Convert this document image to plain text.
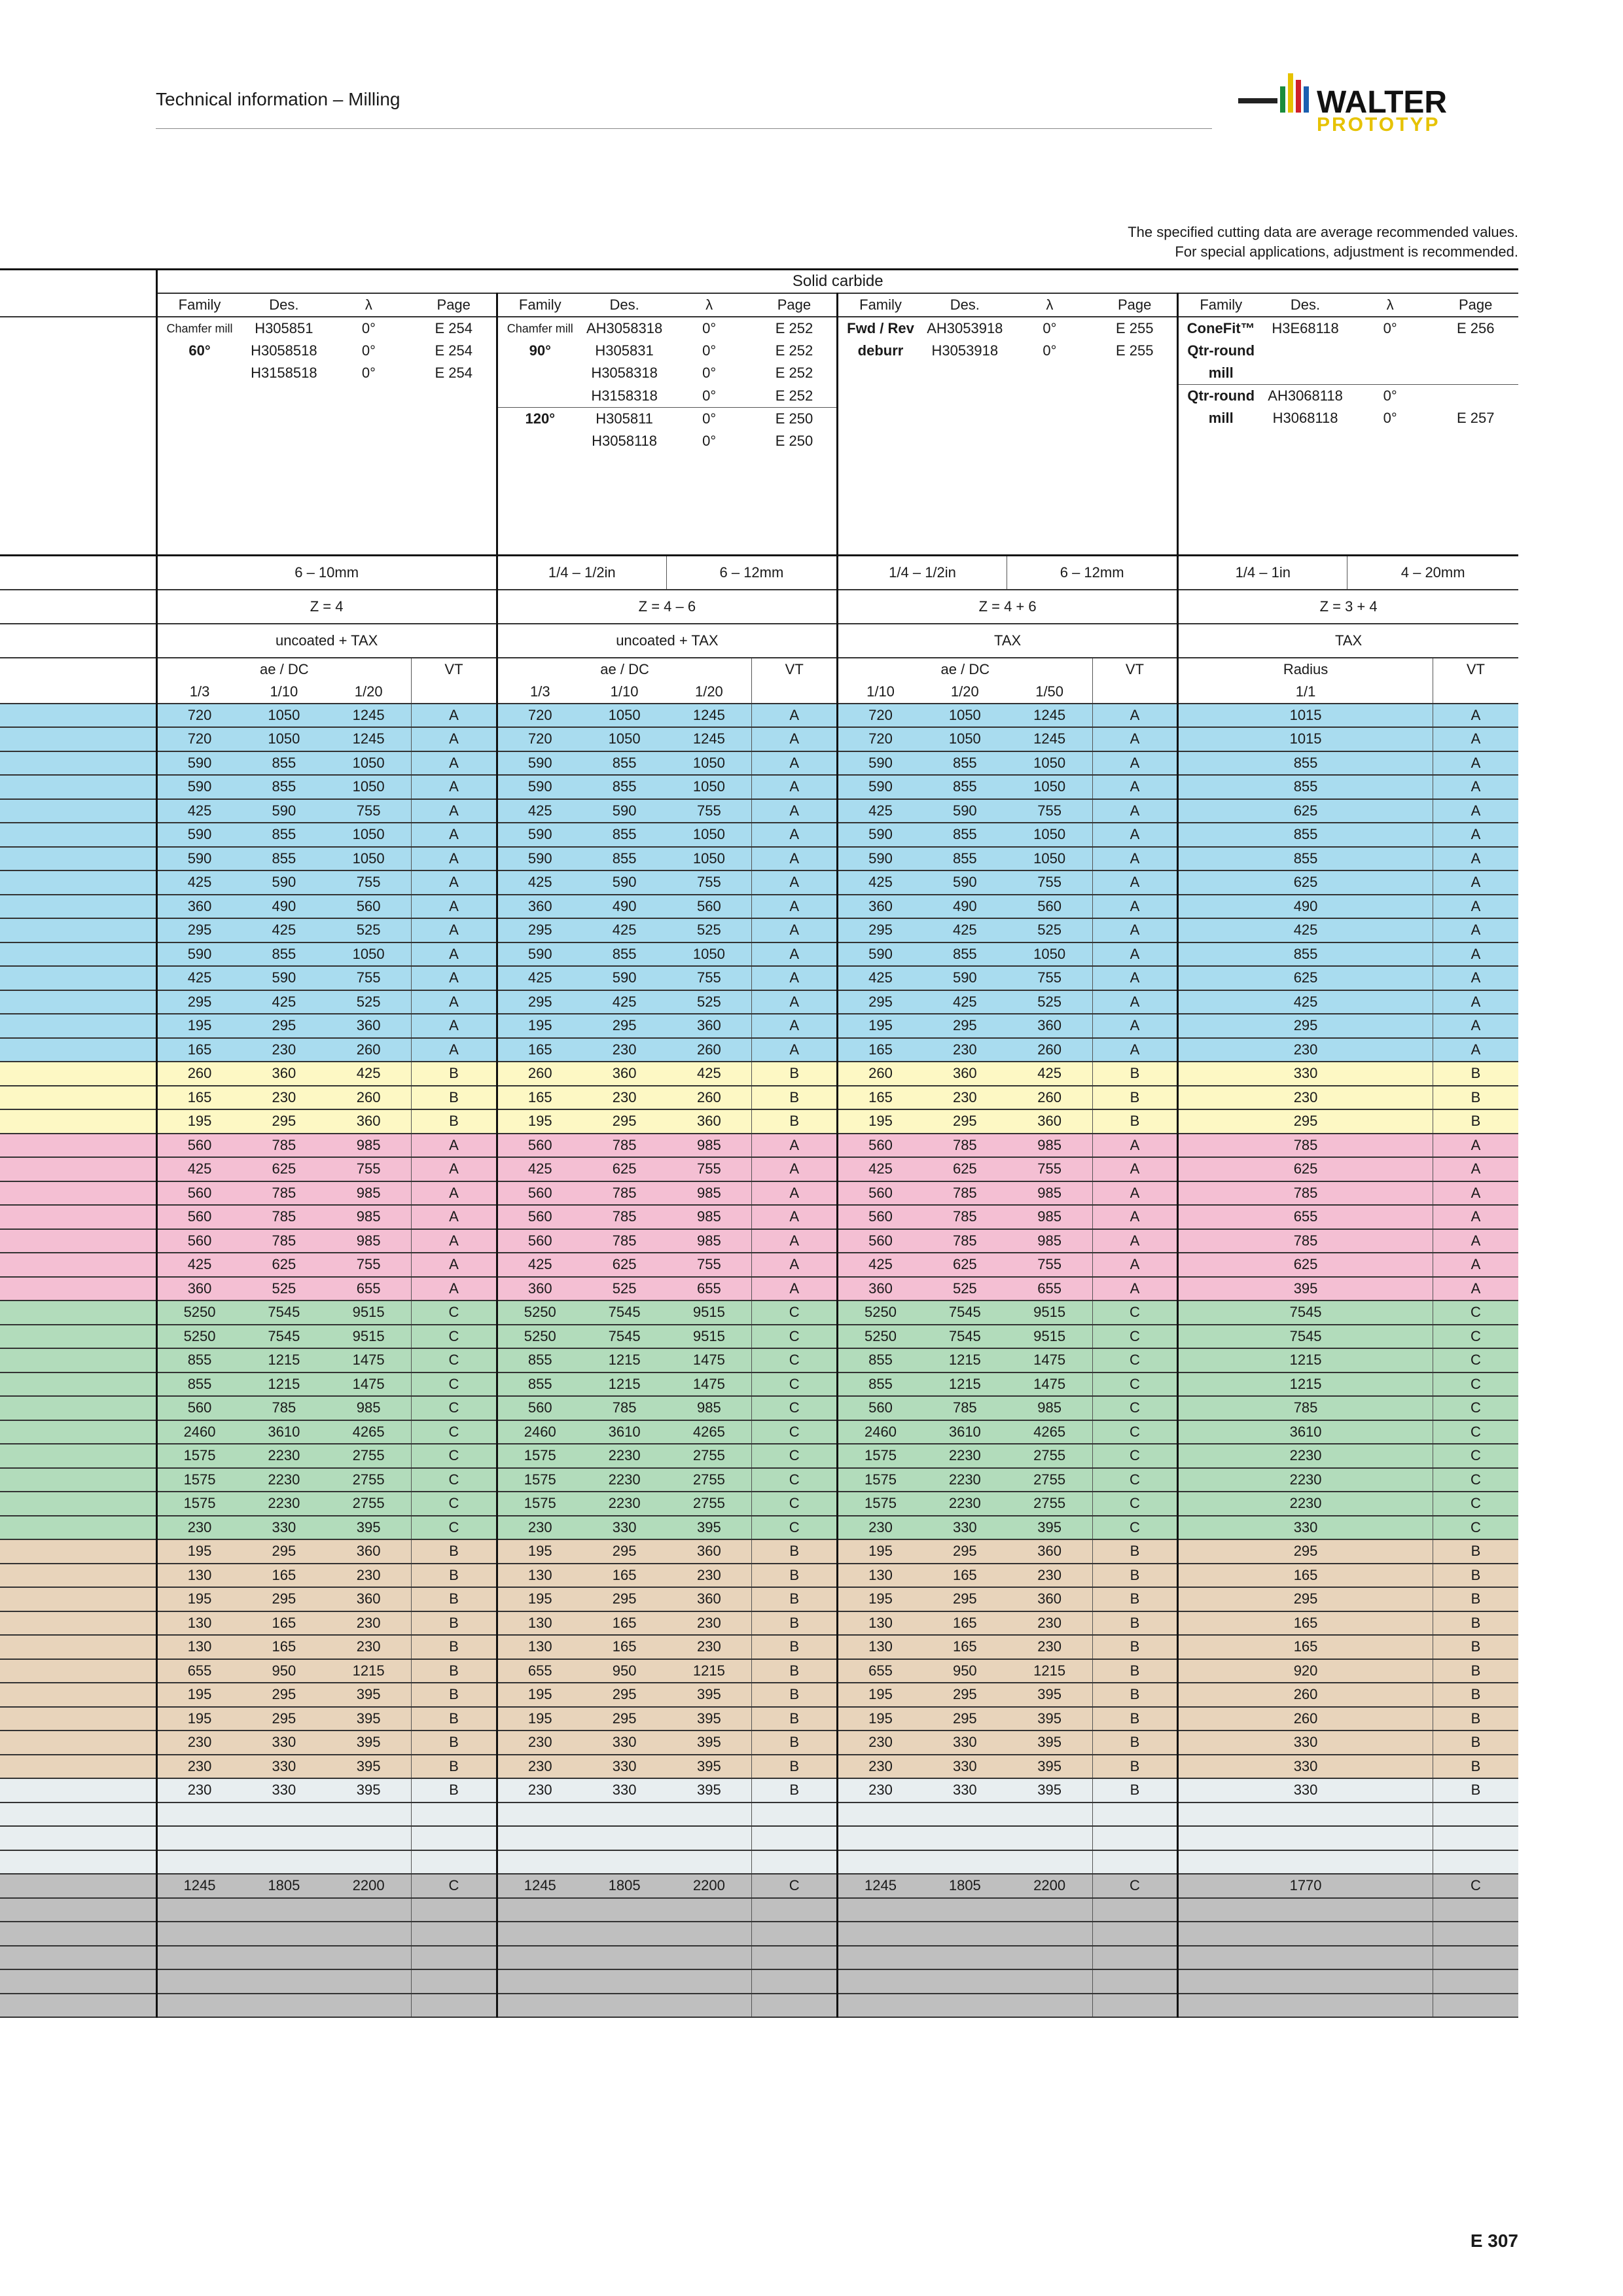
Technical information – Milling	WALTER
PROTOTYP
The specified cutting data are average recommended values.
For special applications, adjustment is recommended.
	Solid carbide															
	Family	Des.	λ	Page	Family	Des.	λ	Page	Family	Des.	λ	Page	Family	Des.	λ	Page
	Chamfer mill	H305851	0°	E 254	Chamfer mill	AH3058318	0°	E 252	Fwd / Rev	AH3053918	0°	E 255	ConeFit™	H3E68118	0°	E 256
	60°	H3058518	0°	E 254	90°	H305831	0°	E 252	deburr	H3053918	0°	E 255	Qtr-round			
		H3158518	0°	E 254		H3058318	0°	E 252					mill			
						H3158318	0°	E 252					Qtr-round	AH3068118	0°	
					120°	H305811	0°	E 250					mill	H3068118	0°	E 257
						H3058118	0°	E 250								

	6 – 10mm				1/4 – 1/2in		6 – 12mm		1/4 – 1/2in		6 – 12mm		1/4 – 1in		4 – 20mm	
	Z = 4				Z = 4 – 6				Z = 4 + 6				Z = 3 + 4			
	uncoated + TAX				uncoated + TAX				TAX				TAX			
	ae / DC			VT	ae / DC			VT	ae / DC			VT	Radius			VT
	1/3	1/10	1/20		1/3	1/10	1/20		1/10	1/20	1/50		1/1			
	720	1050	1245	A	720	1050	1245	A	720	1050	1245	A	1015			A
	720	1050	1245	A	720	1050	1245	A	720	1050	1245	A	1015			A
	590	855	1050	A	590	855	1050	A	590	855	1050	A	855			A
	590	855	1050	A	590	855	1050	A	590	855	1050	A	855			A
	425	590	755	A	425	590	755	A	425	590	755	A	625			A
	590	855	1050	A	590	855	1050	A	590	855	1050	A	855			A
	590	855	1050	A	590	855	1050	A	590	855	1050	A	855			A
	425	590	755	A	425	590	755	A	425	590	755	A	625			A
	360	490	560	A	360	490	560	A	360	490	560	A	490			A
	295	425	525	A	295	425	525	A	295	425	525	A	425			A
	590	855	1050	A	590	855	1050	A	590	855	1050	A	855			A
	425	590	755	A	425	590	755	A	425	590	755	A	625			A
	295	425	525	A	295	425	525	A	295	425	525	A	425			A
	195	295	360	A	195	295	360	A	195	295	360	A	295			A
	165	230	260	A	165	230	260	A	165	230	260	A	230			A
	260	360	425	B	260	360	425	B	260	360	425	B	330			B
	165	230	260	B	165	230	260	B	165	230	260	B	230			B
	195	295	360	B	195	295	360	B	195	295	360	B	295			B
	560	785	985	A	560	785	985	A	560	785	985	A	785			A
	425	625	755	A	425	625	755	A	425	625	755	A	625			A
	560	785	985	A	560	785	985	A	560	785	985	A	785			A
	560	785	985	A	560	785	985	A	560	785	985	A	655			A
	560	785	985	A	560	785	985	A	560	785	985	A	785			A
	425	625	755	A	425	625	755	A	425	625	755	A	625			A
	360	525	655	A	360	525	655	A	360	525	655	A	395			A
	5250	7545	9515	C	5250	7545	9515	C	5250	7545	9515	C	7545			C
	5250	7545	9515	C	5250	7545	9515	C	5250	7545	9515	C	7545			C
	855	1215	1475	C	855	1215	1475	C	855	1215	1475	C	1215			C
	855	1215	1475	C	855	1215	1475	C	855	1215	1475	C	1215			C
	560	785	985	C	560	785	985	C	560	785	985	C	785			C
	2460	3610	4265	C	2460	3610	4265	C	2460	3610	4265	C	3610			C
	1575	2230	2755	C	1575	2230	2755	C	1575	2230	2755	C	2230			C
	1575	2230	2755	C	1575	2230	2755	C	1575	2230	2755	C	2230			C
	1575	2230	2755	C	1575	2230	2755	C	1575	2230	2755	C	2230			C
	230	330	395	C	230	330	395	C	230	330	395	C	330			C
	195	295	360	B	195	295	360	B	195	295	360	B	295			B
	130	165	230	B	130	165	230	B	130	165	230	B	165			B
	195	295	360	B	195	295	360	B	195	295	360	B	295			B
	130	165	230	B	130	165	230	B	130	165	230	B	165			B
	130	165	230	B	130	165	230	B	130	165	230	B	165			B
	655	950	1215	B	655	950	1215	B	655	950	1215	B	920			B
	195	295	395	B	195	295	395	B	195	295	395	B	260			B
	195	295	395	B	195	295	395	B	195	295	395	B	260			B
	230	330	395	B	230	330	395	B	230	330	395	B	330			B
	230	330	395	B	230	330	395	B	230	330	395	B	330			B
	230	330	395	B	230	330	395	B	230	330	395	B	330			B

	1245	1805	2200	C	1245	1805	2200	C	1245	1805	2200	C	1770			C

E 307
